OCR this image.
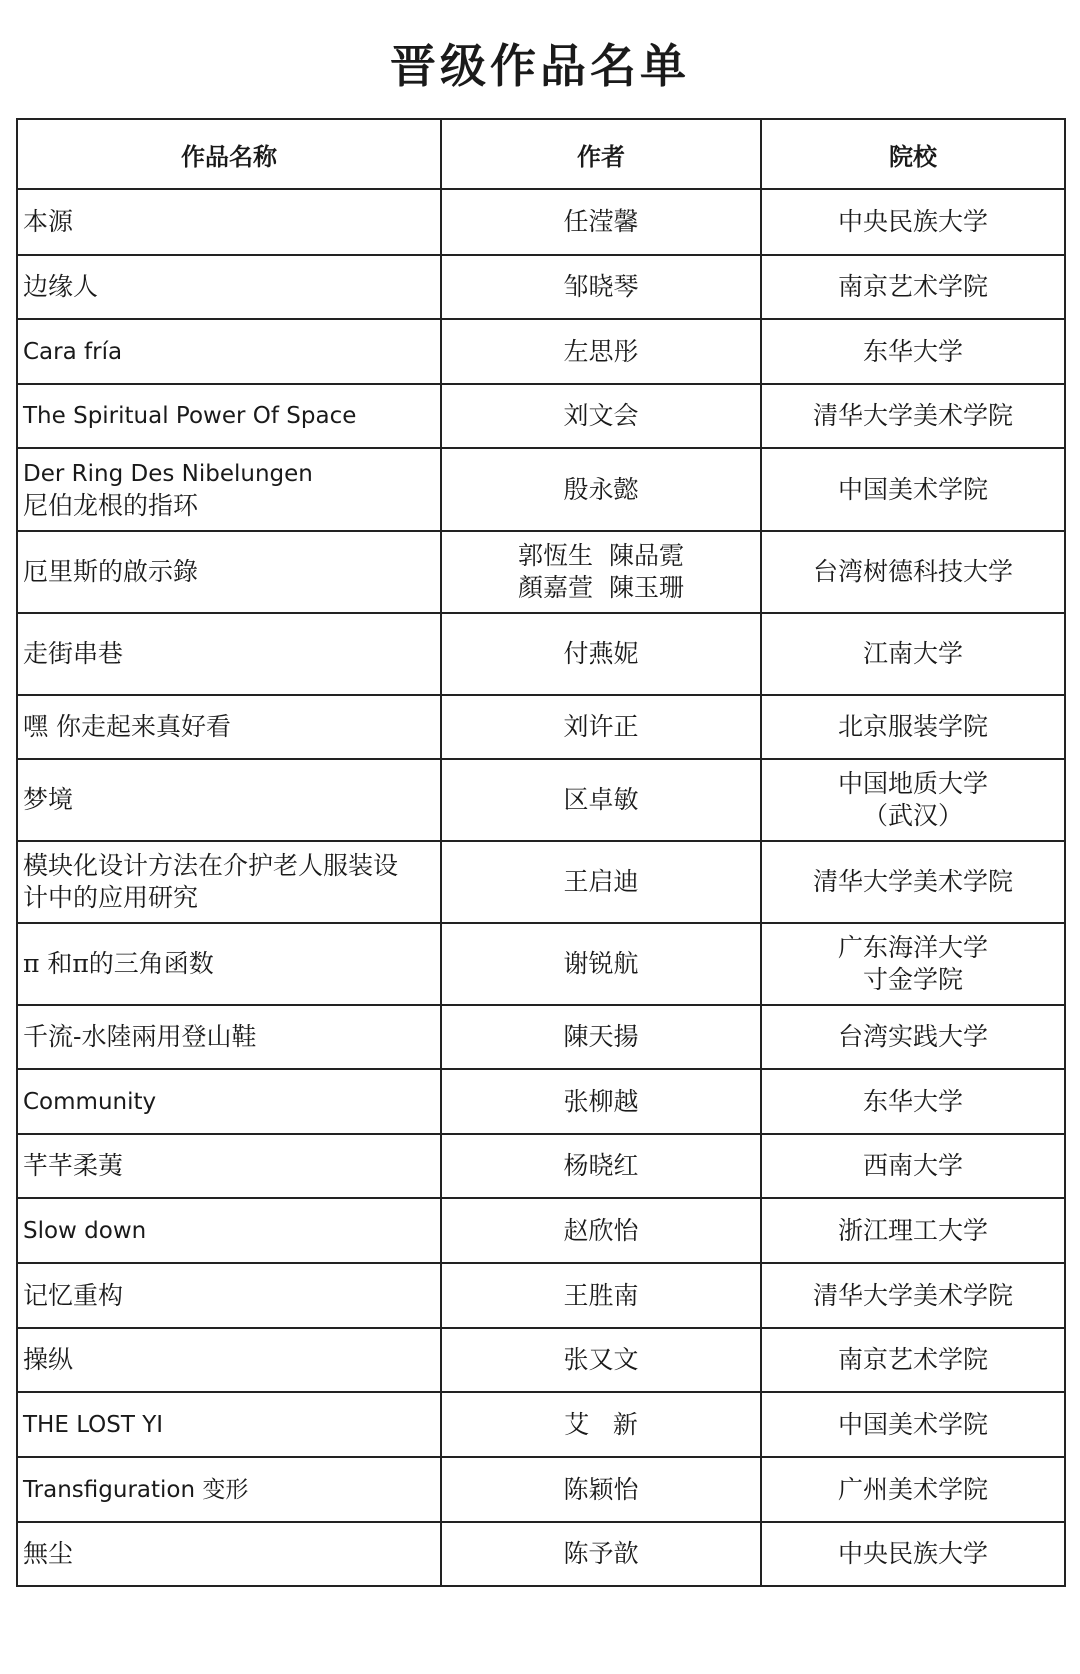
晋级作品名单
作品名称	作者	院校

本源	任滢馨	中央民族大学

边缘人	邹晓琴	南京艺术学院

Cara fría	左思彤	东华大学

The Spiritual Power Of Space	刘文会	清华大学美术学院

Der Ring Des Nibelungen
尼伯龙根的指环	殷永懿	中国美术学院

厄里斯的啟示錄	郭恆生  陳品霓
顏嘉萱  陳玉珊	台湾树德科技大学

走街串巷	付燕妮	江南大学

嘿 你走起来真好看	刘许正	北京服装学院

梦境	区卓敏	中国地质大学
（武汉）

模块化设计方法在介护老人服装设
计中的应用研究	王启迪	清华大学美术学院

π 和π的三角函数	谢锐航	广东海洋大学
寸金学院

千流-水陸兩用登山鞋	陳天揚	台湾实践大学

Community	张柳越	东华大学

芊芊柔荑	杨晓红	西南大学

Slow down	赵欣怡	浙江理工大学

记忆重构	王胜南	清华大学美术学院

操纵	张又文	南京艺术学院

THE LOST YI	艾   新	中国美术学院

Transfiguration 变形	陈颖怡	广州美术学院

無尘	陈予歆	中央民族大学
